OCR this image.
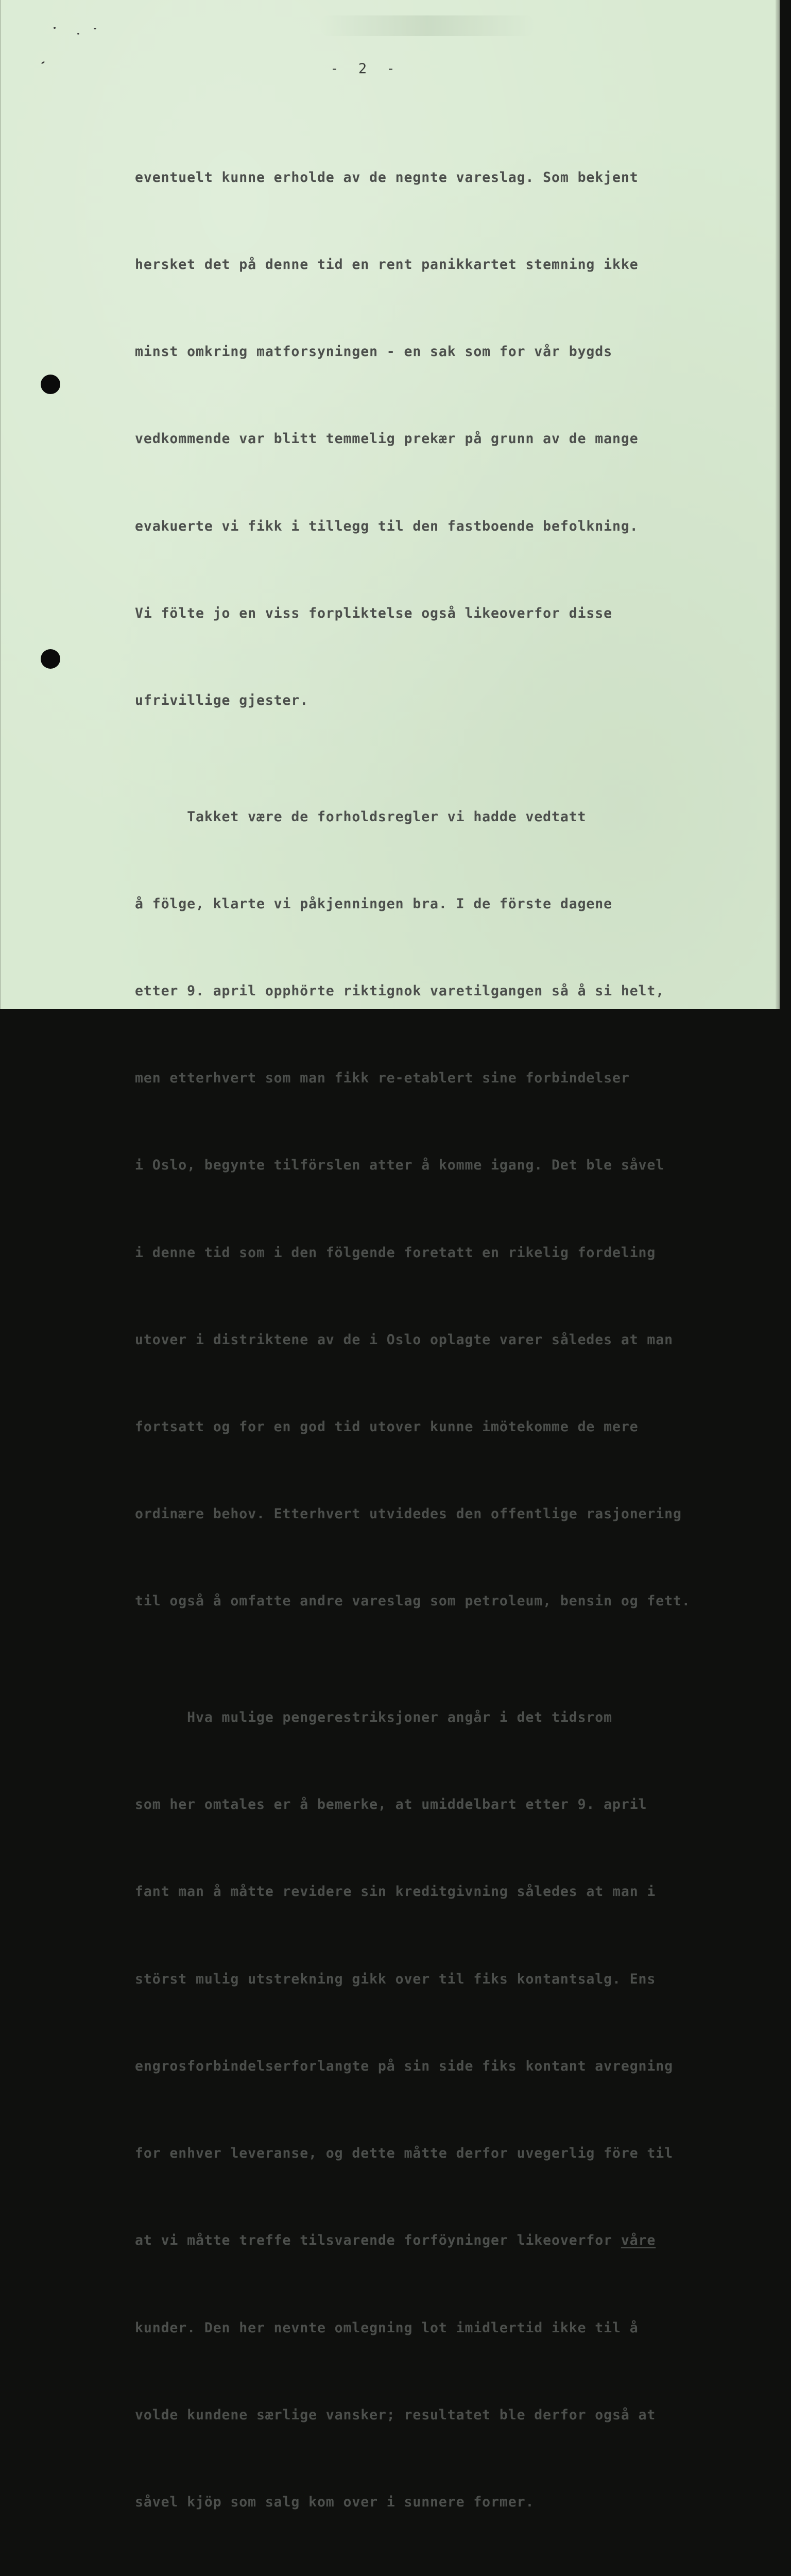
- 2 -

eventuelt kunne erholde av de negnte vareslag. Som bekjent

hersket det på denne tid en rent panikkartet stemning ikke

minst omkring matforsyningen - en sak som for vår bygds

vedkommende var blitt temmelig prekær på grunn av de mange

evakuerte vi fikk i tillegg til den fastboende befolkning.

Vi fölte jo en viss forpliktelse også likeoverfor disse

ufrivillige gjester.

Takket være de forholdsregler vi hadde vedtatt

å fölge, klarte vi påkjenningen bra. I de förste dagene

etter 9. april opphörte riktignok varetilgangen så å si helt,

men etterhvert som man fikk re-etablert sine forbindelser

i Oslo, begynte tilförslen atter å komme igang. Det ble såvel

i denne tid som i den fölgende foretatt en rikelig fordeling

utover i distriktene av de i Oslo oplagte varer således at man

fortsatt og for en god tid utover kunne imötekomme de mere

ordinære behov. Etterhvert utvidedes den offentlige rasjonering

til også å omfatte andre vareslag som petroleum, bensin og fett.

Hva mulige pengerestriksjoner angår i det tidsrom

som her omtales er å bemerke, at umiddelbart etter 9. april

fant man å måtte revidere sin kreditgivning således at man i

störst mulig utstrekning gikk over til fiks kontantsalg. Ens

engrosforbindelserforlangte på sin side fiks kontant avregning

for enhver leveranse, og dette måtte derfor uvegerlig före til

at vi måtte treffe tilsvarende forföyninger likeoverfor våre

kunder. Den her nevnte omlegning lot imidlertid ikke til å

volde kundene særlige vansker; resultatet ble derfor også at

såvel kjöp som salg kom over i sunnere former.
